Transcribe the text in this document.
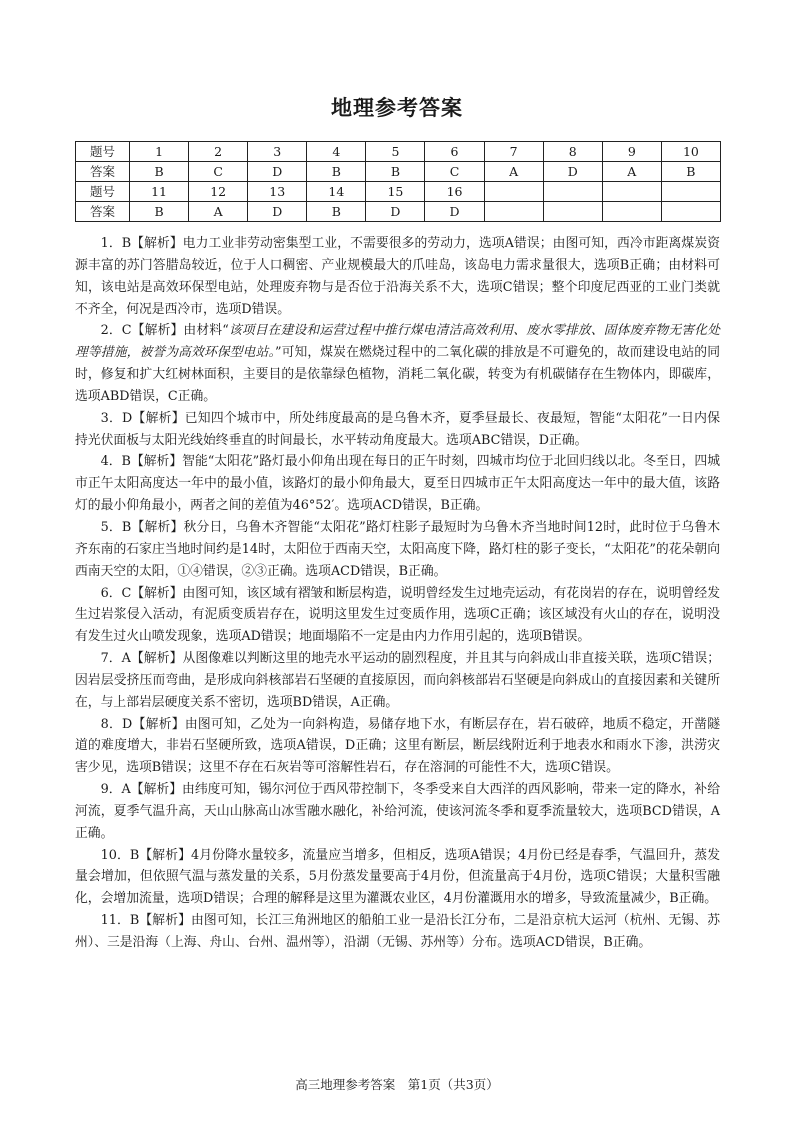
地理参考答案
题号	1	2	3	4	5	6	7	8	9	10
答案	B	C	D	B	B	C	A	D	A	B
题号	11	12	13	14	15	16				
答案	B	A	D	B	D	D				

1．B【解析】电力工业非劳动密集型工业，不需要很多的劳动力，选项A错误；由图可知，西冷市距离煤炭资源丰富的苏门答腊岛较近，位于人口稠密、产业规模最大的爪哇岛，该岛电力需求量很大，选项B正确；由材料可知，该电站是高效环保型电站，处理废弃物与是否位于沿海关系不大，选项C错误；整个印度尼西亚的工业门类就不齐全，何况是西冷市，选项D错误。

2．C【解析】由材料“该项目在建设和运营过程中推行煤电清洁高效利用、废水零排放、固体废弃物无害化处理等措施，被誉为高效环保型电站。”可知，煤炭在燃烧过程中的二氧化碳的排放是不可避免的，故而建设电站的同时，修复和扩大红树林面积，主要目的是依靠绿色植物，消耗二氧化碳，转变为有机碳储存在生物体内，即碳库，选项ABD错误，C正确。

3．D【解析】已知四个城市中，所处纬度最高的是乌鲁木齐，夏季昼最长、夜最短，智能“太阳花”一日内保持光伏面板与太阳光线始终垂直的时间最长，水平转动角度最大。选项ABC错误，D正确。

4．B【解析】智能“太阳花”路灯最小仰角出现在每日的正午时刻，四城市均位于北回归线以北。冬至日，四城市正午太阳高度达一年中的最小值，该路灯的最小仰角最大，夏至日四城市正午太阳高度达一年中的最大值，该路灯的最小仰角最小，两者之间的差值为46°52′。选项ACD错误，B正确。

5．B【解析】秋分日，乌鲁木齐智能“太阳花”路灯柱影子最短时为乌鲁木齐当地时间12时，此时位于乌鲁木齐东南的石家庄当地时间约是14时，太阳位于西南天空，太阳高度下降，路灯柱的影子变长，“太阳花”的花朵朝向西南天空的太阳，①④错误，②③正确。选项ACD错误，B正确。

6．C【解析】由图可知，该区域有褶皱和断层构造，说明曾经发生过地壳运动，有花岗岩的存在，说明曾经发生过岩浆侵入活动，有泥质变质岩存在，说明这里发生过变质作用，选项C正确；该区域没有火山的存在，说明没有发生过火山喷发现象，选项AD错误；地面塌陷不一定是由内力作用引起的，选项B错误。

7．A【解析】从图像难以判断这里的地壳水平运动的剧烈程度，并且其与向斜成山非直接关联，选项C错误；因岩层受挤压而弯曲，是形成向斜核部岩石坚硬的直接原因，而向斜核部岩石坚硬是向斜成山的直接因素和关键所在，与上部岩层硬度关系不密切，选项BD错误，A正确。

8．D【解析】由图可知，乙处为一向斜构造，易储存地下水，有断层存在，岩石破碎，地质不稳定，开凿隧道的难度增大，非岩石坚硬所致，选项A错误，D正确；这里有断层，断层线附近利于地表水和雨水下渗，洪涝灾害少见，选项B错误；这里不存在石灰岩等可溶解性岩石，存在溶洞的可能性不大，选项C错误。

9．A【解析】由纬度可知，锡尔河位于西风带控制下，冬季受来自大西洋的西风影响，带来一定的降水，补给河流，夏季气温升高，天山山脉高山冰雪融水融化，补给河流，使该河流冬季和夏季流量较大，选项BCD错误，A正确。

10．B【解析】4月份降水量较多，流量应当增多，但相反，选项A错误；4月份已经是春季，气温回升，蒸发量会增加，但依照气温与蒸发量的关系，5月份蒸发量要高于4月份，但流量高于4月份，选项C错误；大量积雪融化，会增加流量，选项D错误；合理的解释是这里为灌溉农业区，4月份灌溉用水的增多，导致流量减少，B正确。

11．B【解析】由图可知，长江三角洲地区的船舶工业一是沿长江分布，二是沿京杭大运河（杭州、无锡、苏州）、三是沿海（上海、舟山、台州、温州等），沿湖（无锡、苏州等）分布。选项ACD错误，B正确。

高三地理参考答案　第1页（共3页）
